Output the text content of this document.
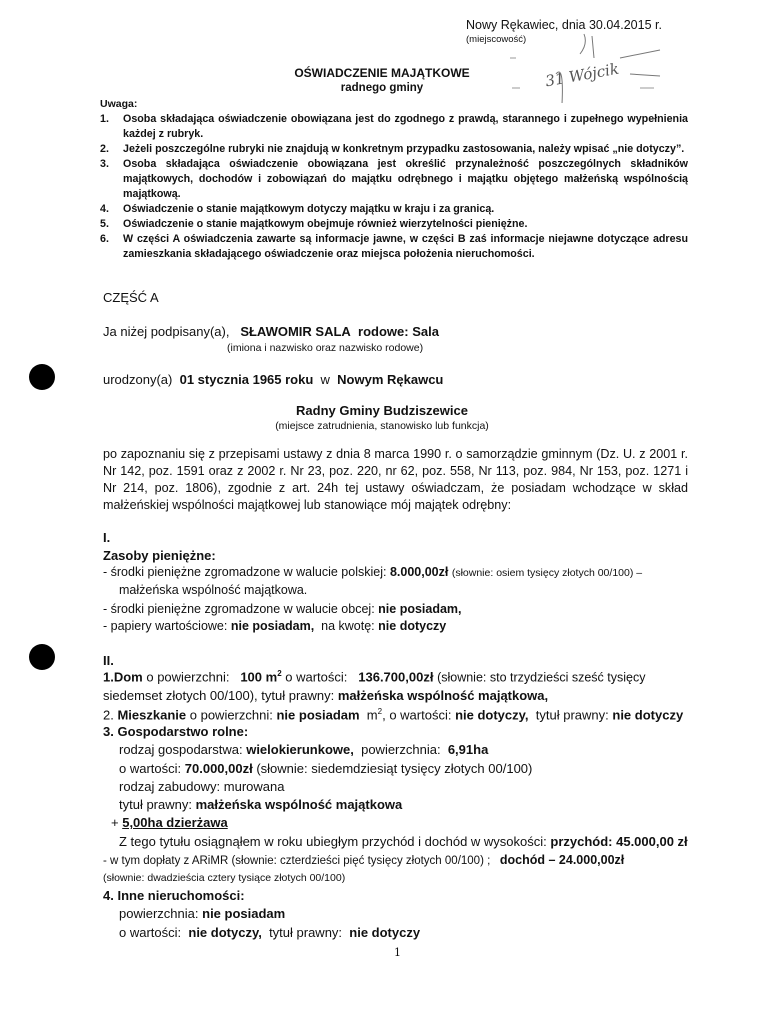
Nowy Rękawiec, dnia 30.04.2015 r.
(miejscowość)
31 Wójcik
OŚWIADCZENIE MAJĄTKOWE
radnego gminy
Uwaga:
1. Osoba składająca oświadczenie obowiązana jest do zgodnego z prawdą, starannego i zupełnego wypełnienia każdej z rubryk.
2. Jeżeli poszczególne rubryki nie znajdują w konkretnym przypadku zastosowania, należy wpisać „nie dotyczy”.
3. Osoba składająca oświadczenie obowiązana jest określić przynależność poszczególnych składników majątkowych, dochodów i zobowiązań do majątku odrębnego i majątku objętego małżeńską wspólnością majątkową.
4. Oświadczenie o stanie majątkowym dotyczy majątku w kraju i za granicą.
5. Oświadczenie o stanie majątkowym obejmuje również wierzytelności pieniężne.
6. W części A oświadczenia zawarte są informacje jawne, w części B zaś informacje niejawne dotyczące adresu zamieszkania składającego oświadczenie oraz miejsca położenia nieruchomości.
CZĘŚĆ A
Ja niżej podpisany(a), SŁAWOMIR SALA rodowe: Sala
(imiona i nazwisko oraz nazwisko rodowe)
urodzony(a) 01 stycznia 1965 roku w Nowym Rękawcu
Radny Gminy Budziszewice
(miejsce zatrudnienia, stanowisko lub funkcja)
po zapoznaniu się z przepisami ustawy z dnia 8 marca 1990 r. o samorządzie gminnym (Dz. U. z 2001 r. Nr 142, poz. 1591 oraz z 2002 r. Nr 23, poz. 220, nr 62, poz. 558, Nr 113, poz. 984, Nr 153, poz. 1271 i Nr 214, poz. 1806), zgodnie z art. 24h tej ustawy oświadczam, że posiadam wchodzące w skład małżeńskiej wspólności majątkowej lub stanowiące mój majątek odrębny:
I.
Zasoby pieniężne:
- środki pieniężne zgromadzone w walucie polskiej: 8.000,00zł (słownie: osiem tysięcy złotych 00/100) –
małżeńska wspólność majątkowa.
- środki pieniężne zgromadzone w walucie obcej: nie posiadam,
- papiery wartościowe: nie posiadam, na kwotę: nie dotyczy
II.
1.Dom o powierzchni: 100 $m^2$ o wartości: 136.700,00zł (słownie: sto trzydzieści sześć tysięcy
siedemset złotych 00/100), tytuł prawny: małżeńska wspólność majątkowa,
2. Mieszkanie o powierzchni: nie posiadam $m^2$, o wartości: nie dotyczy, tytuł prawny: nie dotyczy
3. Gospodarstwo rolne:
rodzaj gospodarstwa: wielokierunkowe, powierzchnia: 6,91ha
o wartości: 70.000,00zł (słownie: siedemdziesiąt tysięcy złotych 00/100)
rodzaj zabudowy: murowana
tytuł prawny: małżeńska wspólność majątkowa
+ 5,00ha dzierżawa
Z tego tytułu osiągnąłem w roku ubiegłym przychód i dochód w wysokości: przychód: 45.000,00 zł
- w tym dopłaty z ARiMR (słownie: czterdzieści pięć tysięcy złotych 00/100) ; dochód – 24.000,00zł
(słownie: dwadzieścia cztery tysiące złotych 00/100)
4. Inne nieruchomości:
powierzchnia: nie posiadam
o wartości: nie dotyczy, tytuł prawny: nie dotyczy
1
